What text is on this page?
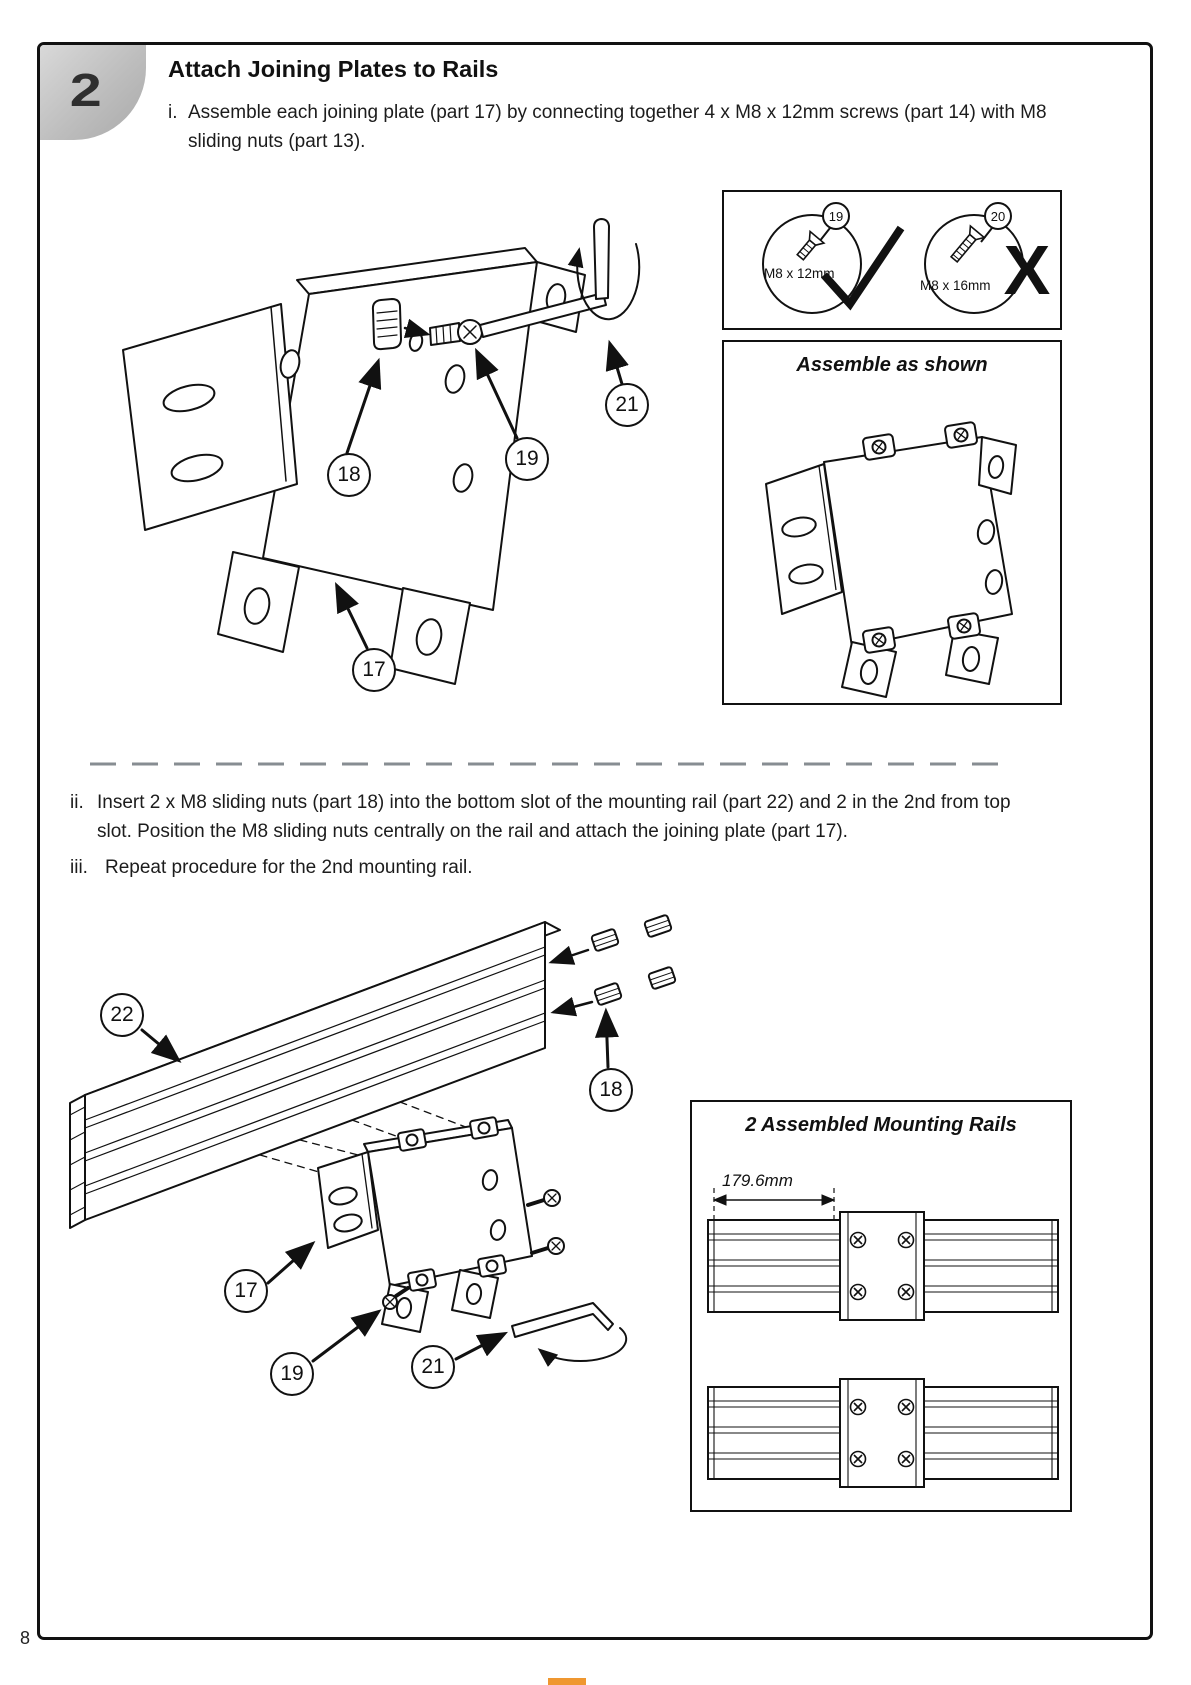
2	Attach Joining Plates to Rails
i. Assemble each joining plate (part 17) by connecting together 4 x M8 x 12mm screws (part 14) with M8 sliding nuts (part 13).
18
19
21
17
19	20
M8 x 12mm
M8 x 16mm X
Assemble as shown
ii. Insert 2 x M8 sliding nuts (part 18) into the bottom slot of the mounting rail (part 22) and 2 in the 2nd from top slot. Position the M8 sliding nuts centrally on the rail and attach the joining plate (part 17).
iii. Repeat procedure for the 2nd mounting rail.
22
18
17
19	21
2 Assembled Mounting Rails
179.6mm
8
